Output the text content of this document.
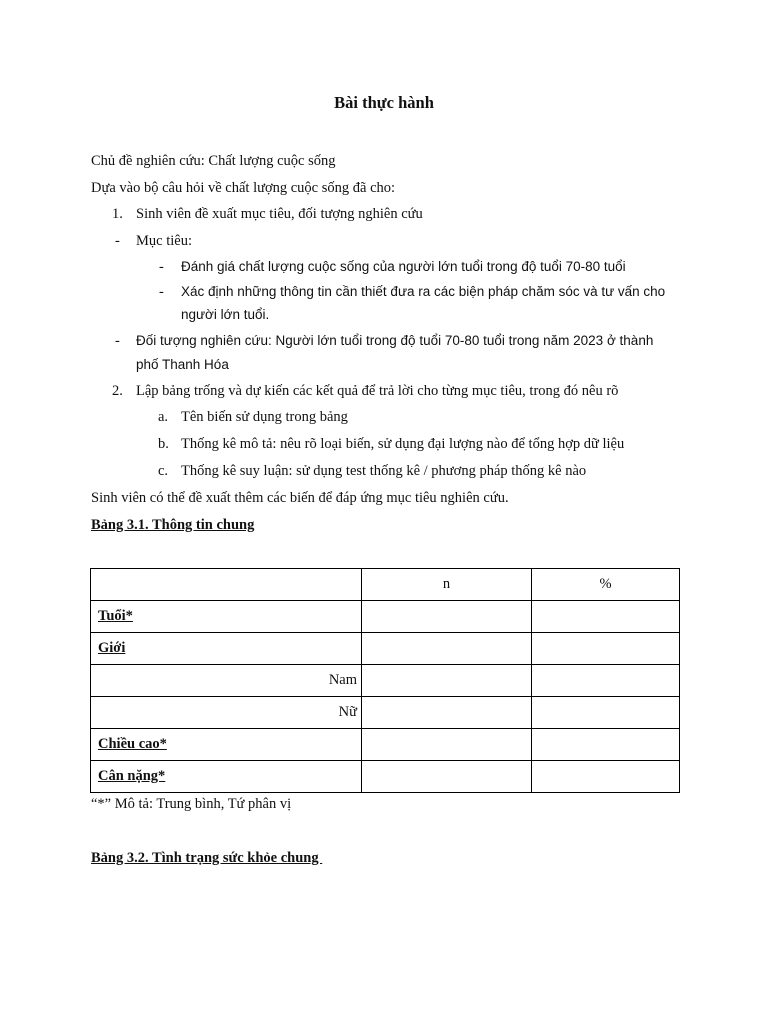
Bài thực hành
Chủ đề nghiên cứu: Chất lượng cuộc sống
Dựa vào bộ câu hỏi về chất lượng cuộc sống đã cho:
1. Sinh viên đề xuất mục tiêu, đối tượng nghiên cứu
- Mục tiêu:
- Đánh giá chất lượng cuộc sống của người lớn tuổi trong độ tuổi 70-80 tuổi
- Xác định những thông tin cần thiết đưa ra các biện pháp chăm sóc và tư vấn cho
người lớn tuổi.
- Đối tượng nghiên cứu: Người lớn tuổi trong độ tuổi 70-80 tuổi trong năm 2023 ở thành
phố Thanh Hóa
2. Lập bảng trống và dự kiến các kết quả để trả lời cho từng mục tiêu, trong đó nêu rõ
a. Tên biến sử dụng trong bảng
b. Thống kê mô tả: nêu rõ loại biến, sử dụng đại lượng nào để tổng hợp dữ liệu
c. Thống kê suy luận: sử dụng test thống kê / phương pháp thống kê nào
Sinh viên có thể đề xuất thêm các biến để đáp ứng mục tiêu nghiên cứu.
Bảng 3.1. Thông tin chung
	n	%
Tuổi*		
Giới		
Nam		
Nữ		
Chiều cao*		
Cân nặng*		
“*” Mô tả: Trung bình, Tứ phân vị
Bảng 3.2. Tình trạng sức khỏe chung
